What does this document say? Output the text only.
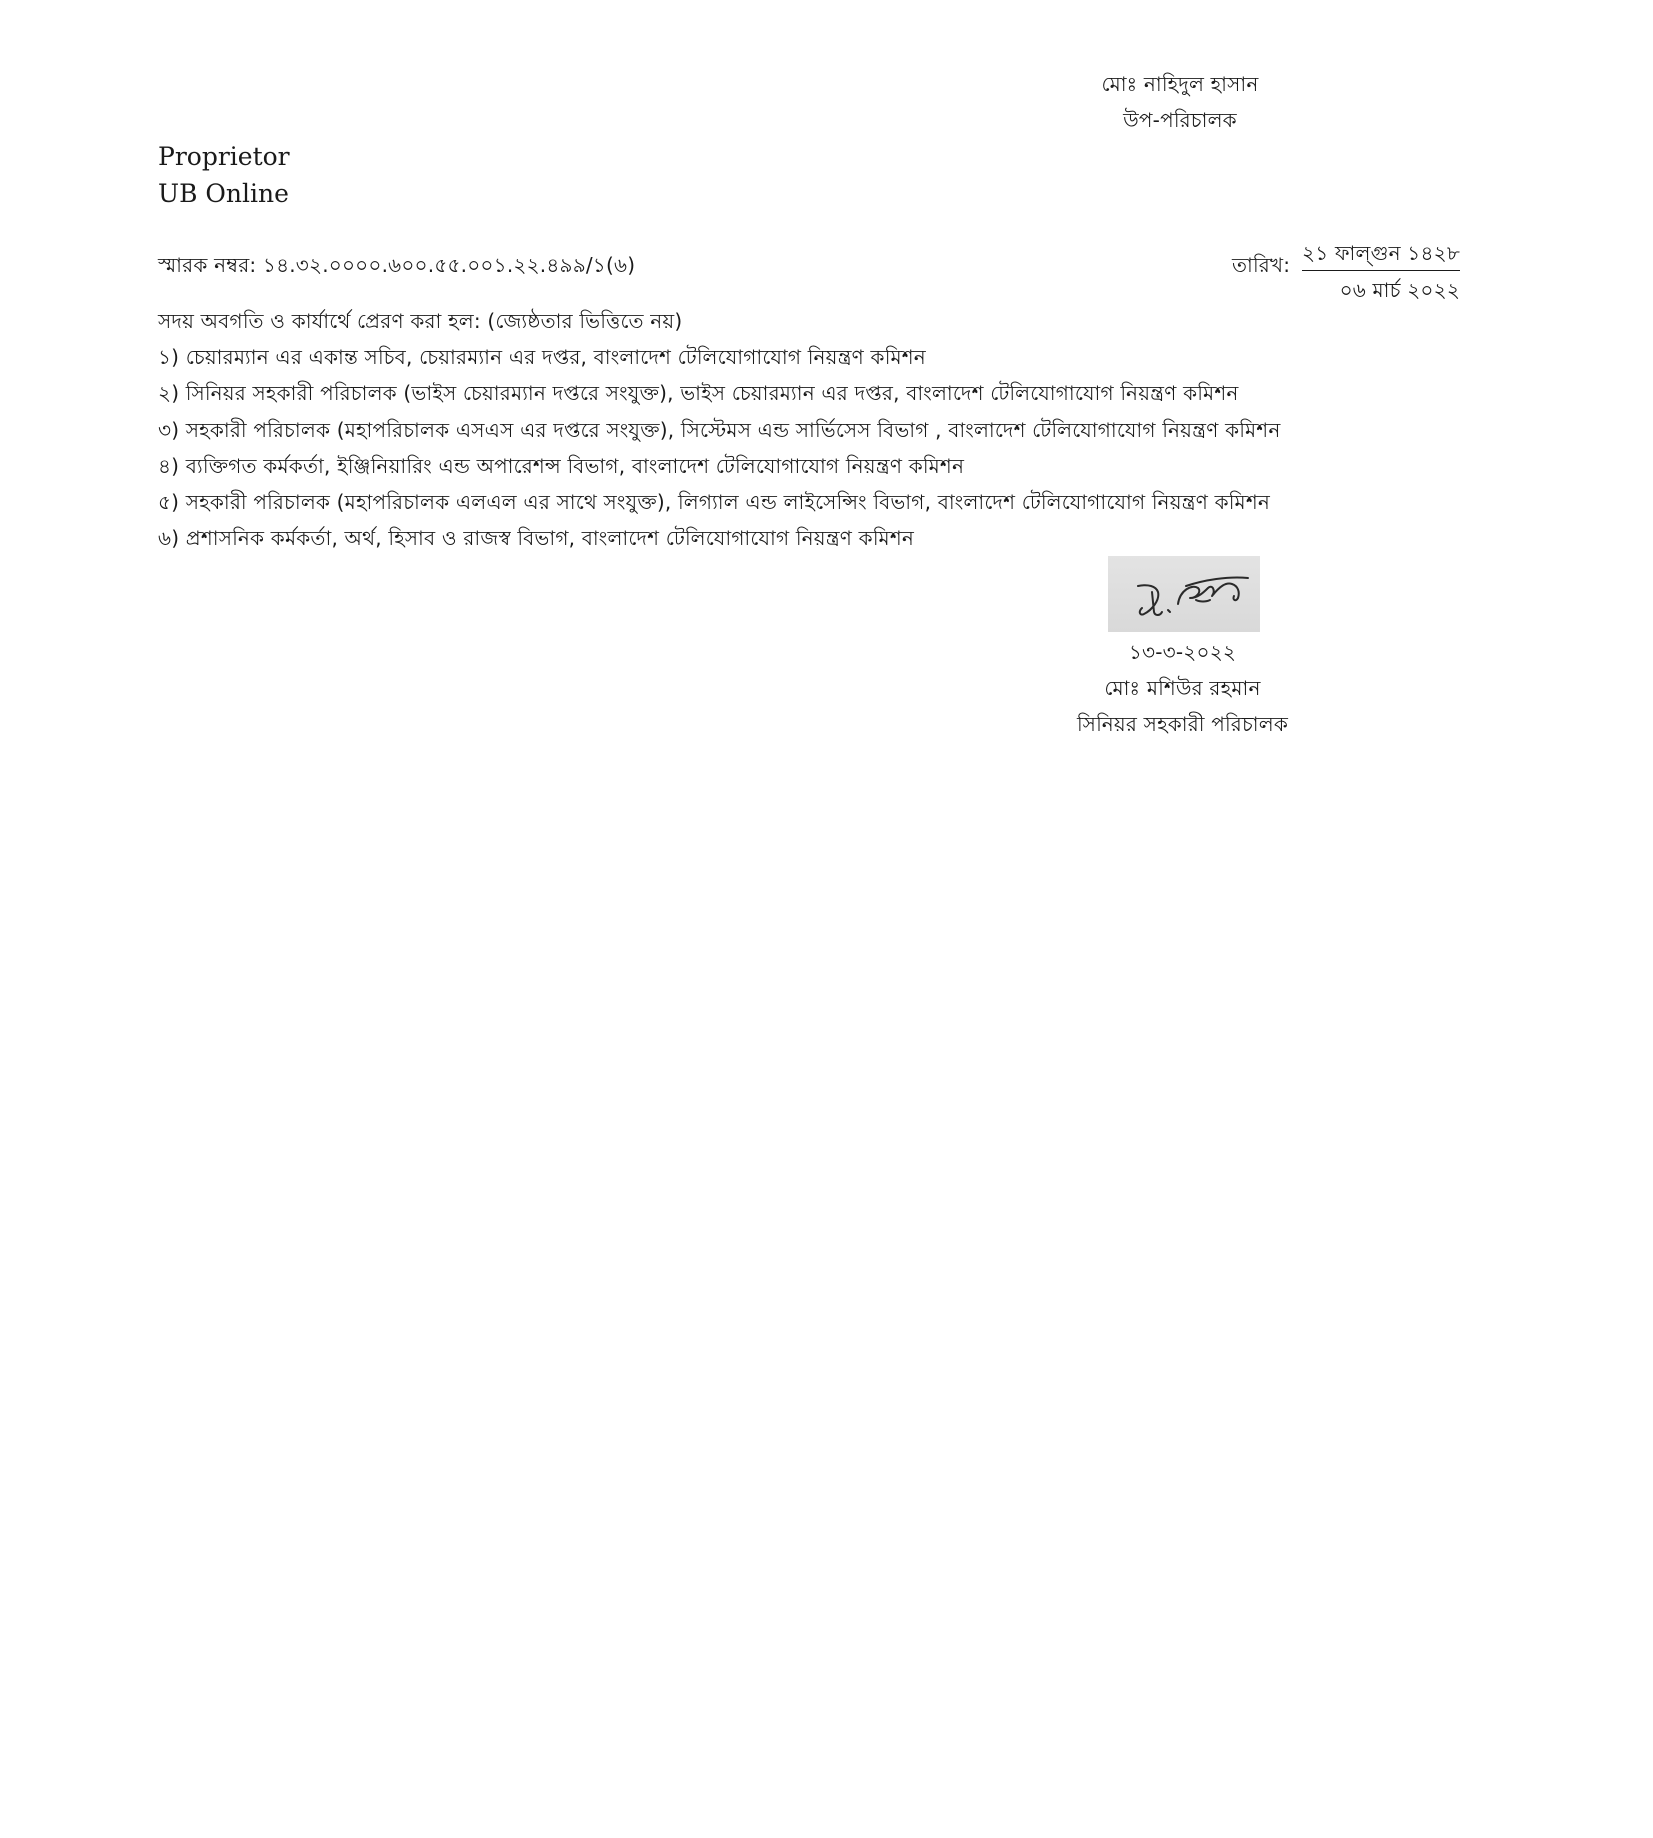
মোঃ নাহিদুল হাসান
উপ-পরিচালক
Proprietor
UB Online
স্মারক নম্বর: ১৪.৩২.০০০০.৬০০.৫৫.০০১.২২.৪৯৯/১(৬)	তারিখ: ২১ ফাল্গুন ১৪২৮
০৬ মার্চ ২০২২
সদয় অবগতি ও কার্যার্থে প্রেরণ করা হল: (জ্যেষ্ঠতার ভিত্তিতে নয়)
১) চেয়ারম্যান এর একান্ত সচিব, চেয়ারম্যান এর দপ্তর, বাংলাদেশ টেলিযোগাযোগ নিয়ন্ত্রণ কমিশন
২) সিনিয়র সহকারী পরিচালক (ভাইস চেয়ারম্যান দপ্তরে সংযুক্ত), ভাইস চেয়ারম্যান এর দপ্তর, বাংলাদেশ টেলিযোগাযোগ নিয়ন্ত্রণ কমিশন
৩) সহকারী পরিচালক (মহাপরিচালক এসএস এর দপ্তরে সংযুক্ত), সিস্টেমস এন্ড সার্ভিসেস বিভাগ , বাংলাদেশ টেলিযোগাযোগ নিয়ন্ত্রণ কমিশন
৪) ব্যক্তিগত কর্মকর্তা, ইঞ্জিনিয়ারিং এন্ড অপারেশন্স বিভাগ, বাংলাদেশ টেলিযোগাযোগ নিয়ন্ত্রণ কমিশন
৫) সহকারী পরিচালক (মহাপরিচালক এলএল এর সাথে সংযুক্ত), লিগ্যাল এন্ড লাইসেন্সিং বিভাগ, বাংলাদেশ টেলিযোগাযোগ নিয়ন্ত্রণ কমিশন
৬) প্রশাসনিক কর্মকর্তা, অর্থ, হিসাব ও রাজস্ব বিভাগ, বাংলাদেশ টেলিযোগাযোগ নিয়ন্ত্রণ কমিশন
১৩-৩-২০২২
মোঃ মশিউর রহমান
সিনিয়র সহকারী পরিচালক
